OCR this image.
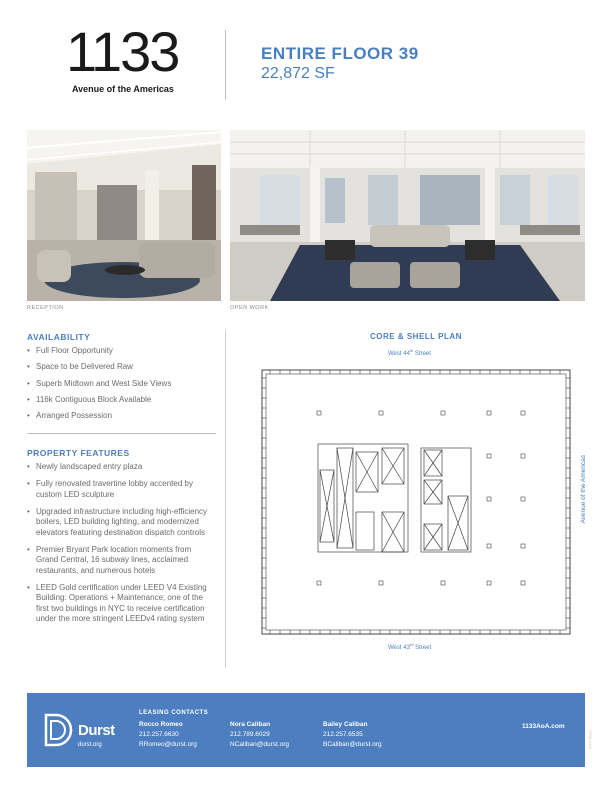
1133
Avenue of the Americas
ENTIRE FLOOR 39
22,872 SF
RECEPTION	OPEN WORK
AVAILABILITY
• Full Floor Opportunity
• Space to be Delivered Raw
• Superb Midtown and West Side Views
• 116k Contiguous Block Available
• Arranged Possession
PROPERTY FEATURES
• Newly landscaped entry plaza
• Fully renovated travertine lobby accented by custom LED sculpture
• Upgraded infrastructure including high-efficiency boilers, LED building lighting, and modernized elevators featuring destination dispatch controls
• Premier Bryant Park location moments from Grand Central, 16 subway lines, acclaimed restaurants, and numerous hotels
• LEED Gold certification under LEED V4 Existing Building: Operations + Maintenance; one of the first two buildings in NYC to receive certification under the more stringent LEEDv4 rating system
CORE & SHELL PLAN
West 44th Street
West 43rd Street
Avenue of the Americas
Durst
durst.org
LEASING CONTACTS
Rocco Romeo
212.257.6630
RRomeo@durst.org
Nora Caliban
212.789.6029
NCaliban@durst.org
Bailey Caliban
212.257.6535
BCaliban@durst.org
1133AoA.com
0508-1026
